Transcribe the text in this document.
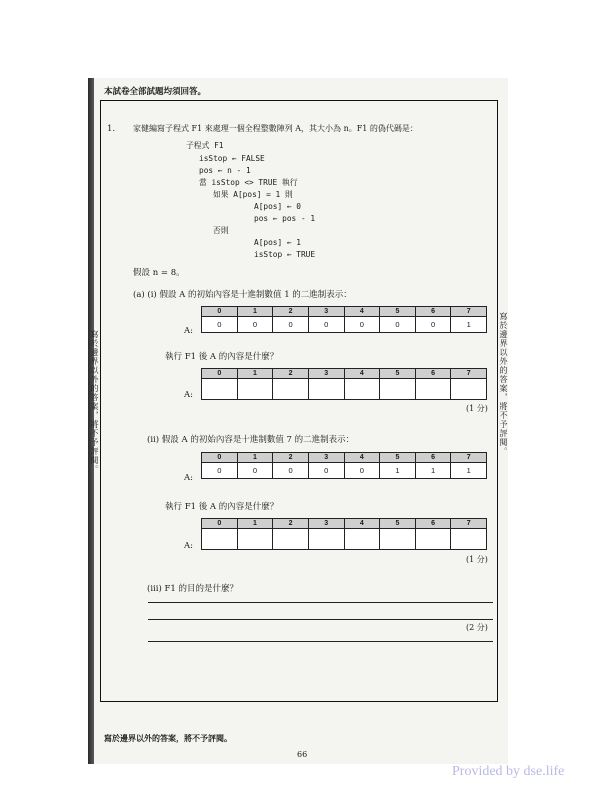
本試卷全部試題均須回答。
1. 家健編寫子程式 F1 來處理一個全程整數陣列 A，其大小為 n。F1 的偽代碼是：
子程式 F1
isStop ← FALSE
pos ← n - 1
當 isStop <> TRUE 執行
如果 A[pos] = 1 則
A[pos] ← 0
pos ← pos - 1
否則
A[pos] ← 1
isStop ← TRUE
假設 n = 8。
(a) (i) 假設 A 的初始內容是十進制數值 1 的二進制表示：
A:
0	1	2	3	4	5	6	7
0	0	0	0	0	0	0	1
執行 F1 後 A 的內容是什麼？
A:
0	1	2	3	4	5	6	7

(1 分)
(ii) 假設 A 的初始內容是十進制數值 7 的二進制表示：
A:
0	1	2	3	4	5	6	7
0	0	0	0	0	1	1	1
執行 F1 後 A 的內容是什麼？
A:
0	1	2	3	4	5	6	7

(1 分)
(iii) F1 的目的是什麼？
(2 分)
寫於邊界以外的答案，將不予評閱。
寫於邊界以外的答案，將不予評閱。
寫於邊界以外的答案，將不予評閱。
66
Provided by dse.life
